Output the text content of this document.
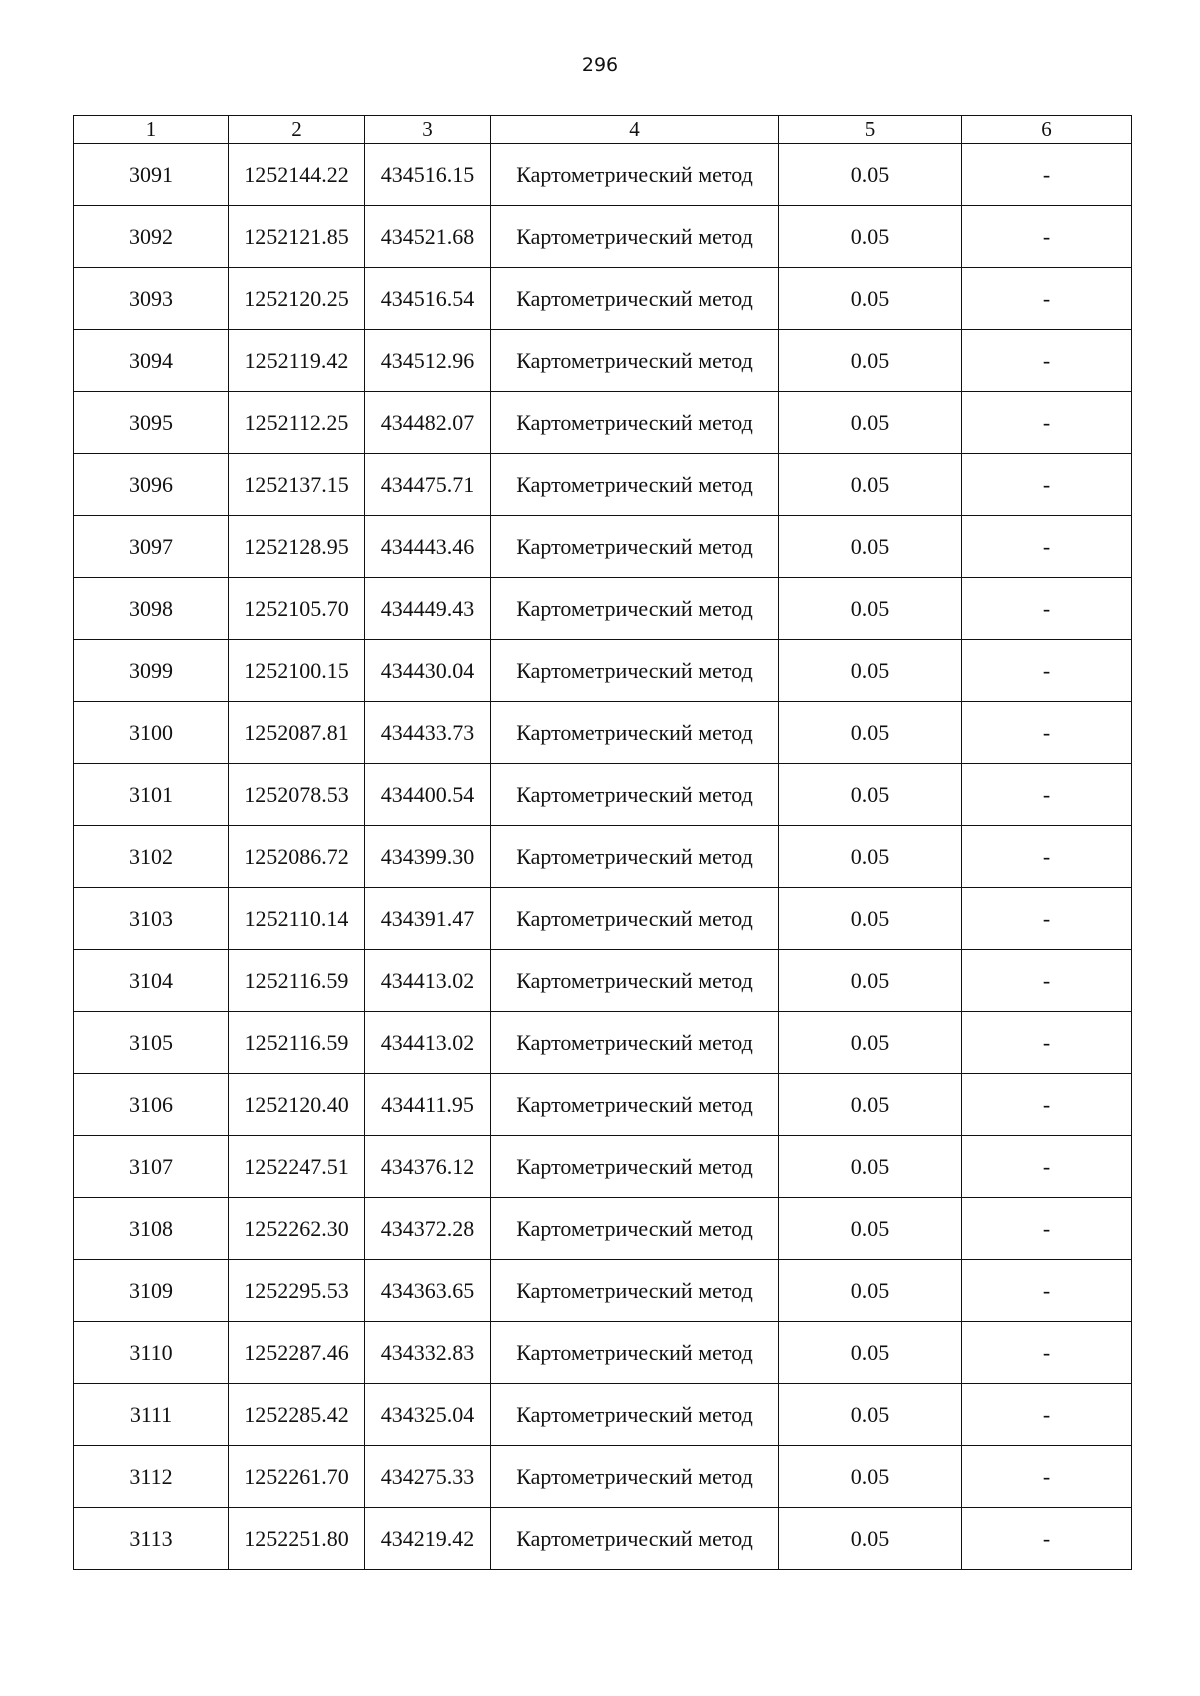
296
1	2	3	4	5	6
3091	1252144.22	434516.15	Картометрический метод	0.05	-
3092	1252121.85	434521.68	Картометрический метод	0.05	-
3093	1252120.25	434516.54	Картометрический метод	0.05	-
3094	1252119.42	434512.96	Картометрический метод	0.05	-
3095	1252112.25	434482.07	Картометрический метод	0.05	-
3096	1252137.15	434475.71	Картометрический метод	0.05	-
3097	1252128.95	434443.46	Картометрический метод	0.05	-
3098	1252105.70	434449.43	Картометрический метод	0.05	-
3099	1252100.15	434430.04	Картометрический метод	0.05	-
3100	1252087.81	434433.73	Картометрический метод	0.05	-
3101	1252078.53	434400.54	Картометрический метод	0.05	-
3102	1252086.72	434399.30	Картометрический метод	0.05	-
3103	1252110.14	434391.47	Картометрический метод	0.05	-
3104	1252116.59	434413.02	Картометрический метод	0.05	-
3105	1252116.59	434413.02	Картометрический метод	0.05	-
3106	1252120.40	434411.95	Картометрический метод	0.05	-
3107	1252247.51	434376.12	Картометрический метод	0.05	-
3108	1252262.30	434372.28	Картометрический метод	0.05	-
3109	1252295.53	434363.65	Картометрический метод	0.05	-
3110	1252287.46	434332.83	Картометрический метод	0.05	-
3111	1252285.42	434325.04	Картометрический метод	0.05	-
3112	1252261.70	434275.33	Картометрический метод	0.05	-
3113	1252251.80	434219.42	Картометрический метод	0.05	-
